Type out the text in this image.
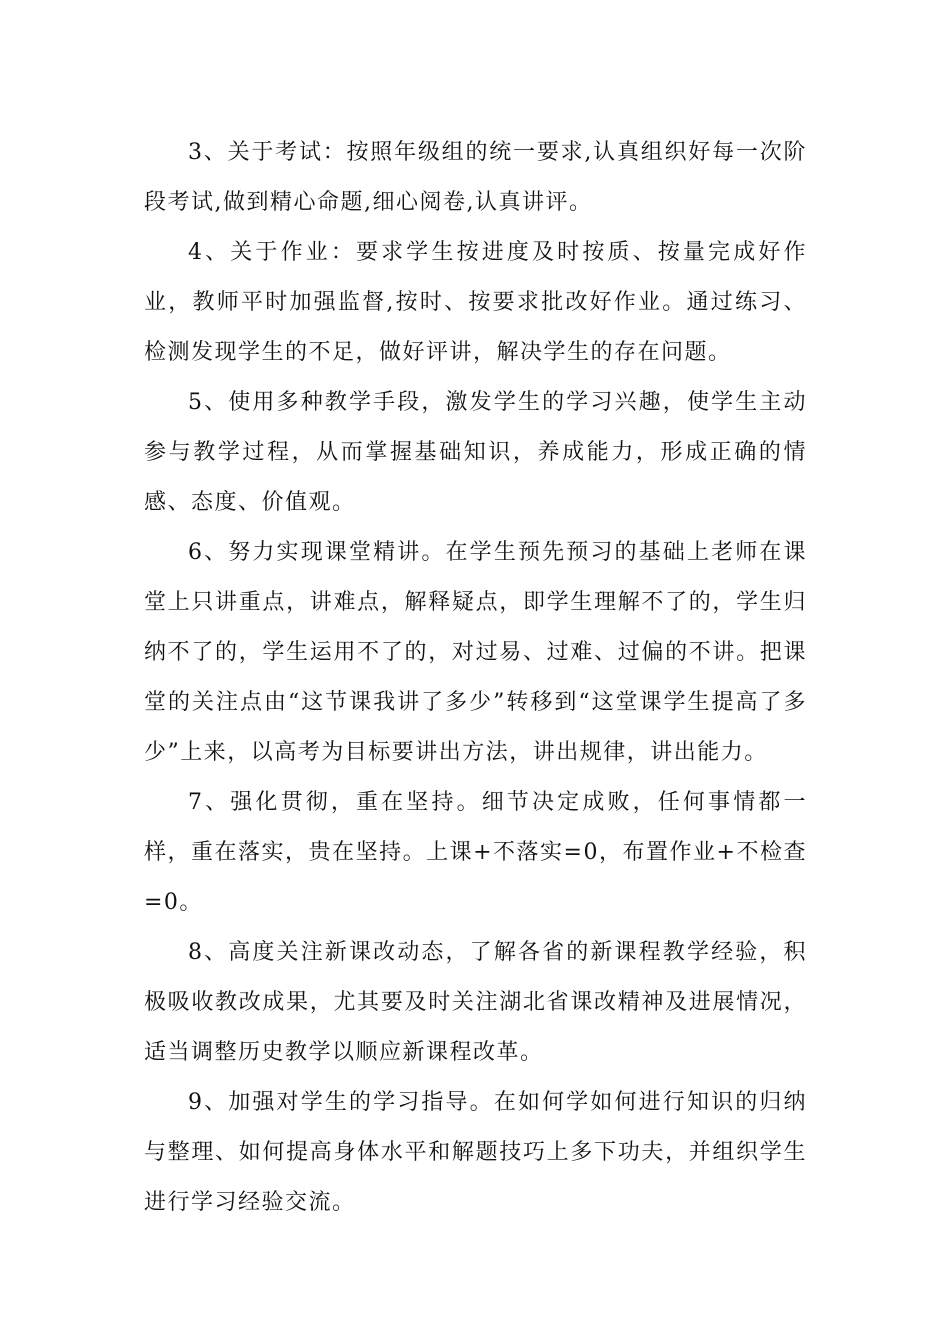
3、关于考试：按照年级组的统一要求,认真组织好每一次阶段考试,做到精心命题,细心阅卷,认真讲评。

4、关于作业：要求学生按进度及时按质、按量完成好作业，教师平时加强监督,按时、按要求批改好作业。通过练习、检测发现学生的不足，做好评讲，解决学生的存在问题。

5、使用多种教学手段，激发学生的学习兴趣，使学生主动参与教学过程，从而掌握基础知识，养成能力，形成正确的情感、态度、价值观。

6、努力实现课堂精讲。在学生预先预习的基础上老师在课堂上只讲重点，讲难点，解释疑点，即学生理解不了的，学生归纳不了的，学生运用不了的，对过易、过难、过偏的不讲。把课堂的关注点由“这节课我讲了多少”转移到“这堂课学生提高了多少”上来，以高考为目标要讲出方法，讲出规律，讲出能力。

7、强化贯彻，重在坚持。细节决定成败，任何事情都一样，重在落实，贵在坚持。上课+不落实=0，布置作业+不检查=0。

8、高度关注新课改动态，了解各省的新课程教学经验，积极吸收教改成果，尤其要及时关注湖北省课改精神及进展情况，适当调整历史教学以顺应新课程改革。

9、加强对学生的学习指导。在如何学如何进行知识的归纳与整理、如何提高身体水平和解题技巧上多下功夫，并组织学生进行学习经验交流。
